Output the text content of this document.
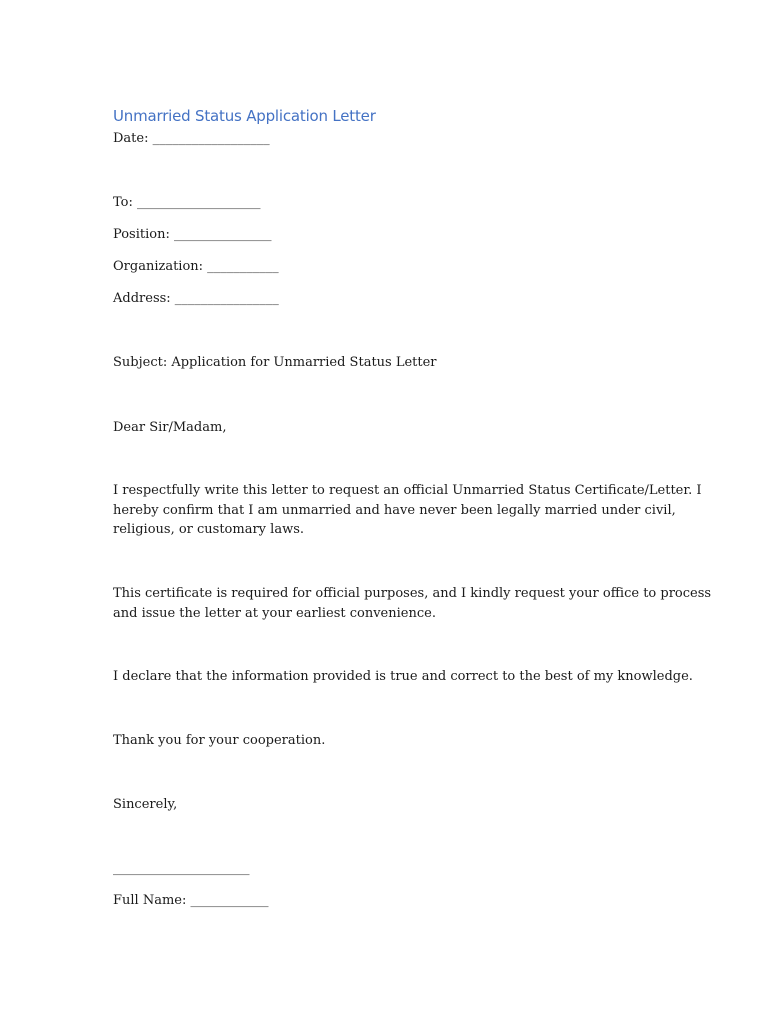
Unmarried Status Application Letter
Date: __________________
To: ___________________
Position: _______________
Organization: ___________
Address: ________________
Subject: Application for Unmarried Status Letter
Dear Sir/Madam,
I respectfully write this letter to request an official Unmarried Status Certificate/Letter. I
hereby confirm that I am unmarried and have never been legally married under civil,
religious, or customary laws.
This certificate is required for official purposes, and I kindly request your office to process
and issue the letter at your earliest convenience.
I declare that the information provided is true and correct to the best of my knowledge.
Thank you for your cooperation.
Sincerely,
_____________________
Full Name: ____________
